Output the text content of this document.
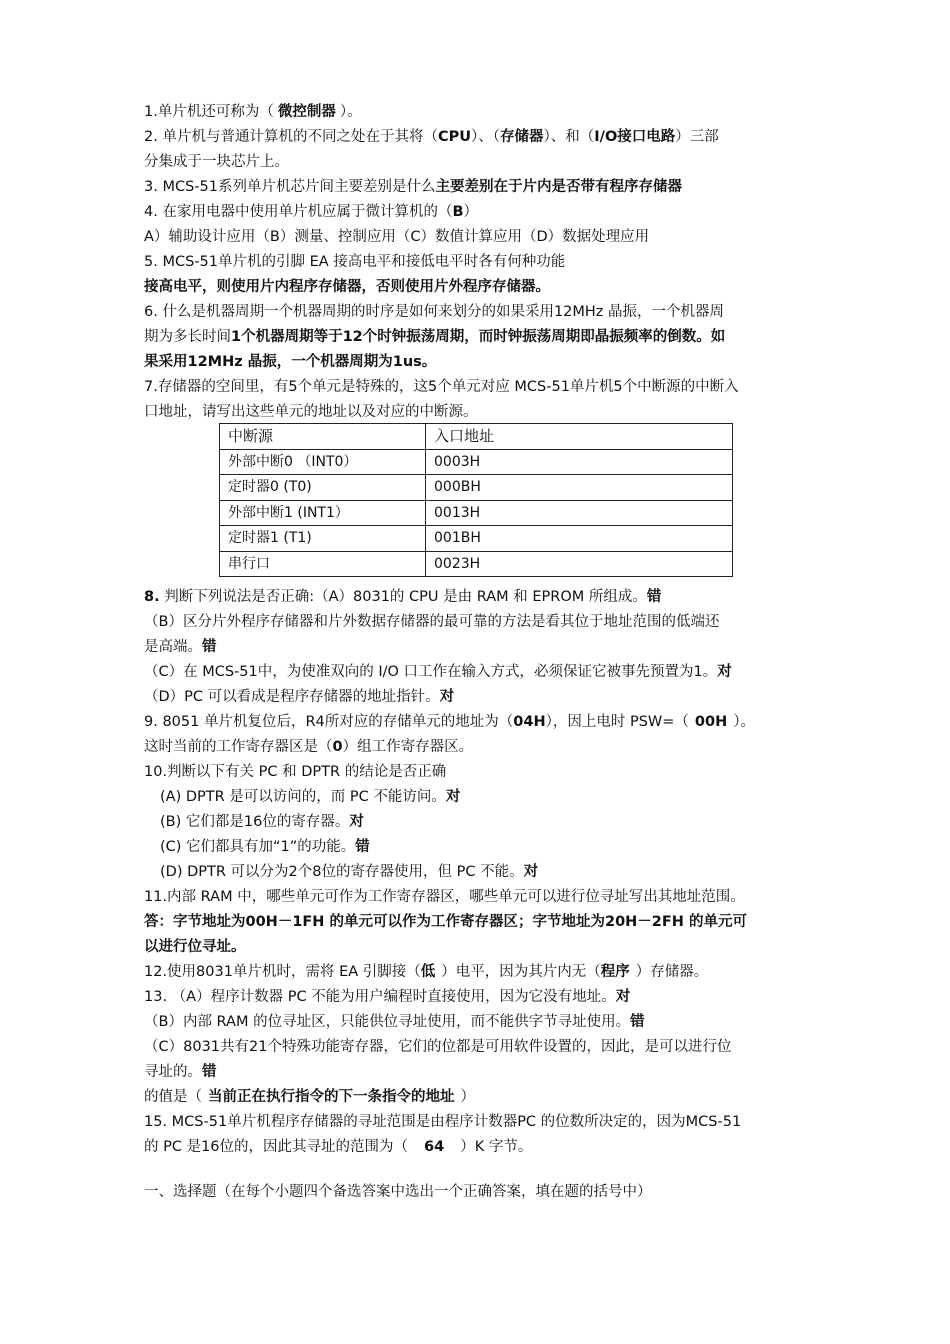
1.单片机还可称为（ 微控制器 ）。
2. 单片机与普通计算机的不同之处在于其将（CPU）、（存储器）、和（I/O接口电路）三部
分集成于一块芯片上。
3. MCS-51系列单片机芯片间主要差别是什么主要差别在于片内是否带有程序存储器
4. 在家用电器中使用单片机应属于微计算机的（B）
A）辅助设计应用（B）测量、控制应用（C）数值计算应用（D）数据处理应用
5. MCS-51单片机的引脚 EA 接高电平和接低电平时各有何种功能
接高电平，则使用片内程序存储器，否则使用片外程序存储器。
6. 什么是机器周期一个机器周期的时序是如何来划分的如果采用12MHz 晶振，一个机器周
期为多长时间1个机器周期等于12个时钟振荡周期，而时钟振荡周期即晶振频率的倒数。如
果采用12MHz 晶振，一个机器周期为1us。
7.存储器的空间里，有5个单元是特殊的，这5个单元对应 MCS-51单片机5个中断源的中断入
口地址，请写出这些单元的地址以及对应的中断源。
中断源	入口地址
外部中断0 （INT0）	0003H
定时器0 (T0)	000BH
外部中断1 (INT1）	0013H
定时器1 (T1)	001BH
串行口	0023H
8. 判断下列说法是否正确:（A）8031的 CPU 是由 RAM 和 EPROM 所组成。错
（B）区分片外程序存储器和片外数据存储器的最可靠的方法是看其位于地址范围的低端还
是高端。错
（C）在 MCS-51中，为使准双向的 I/O 口工作在输入方式，必须保证它被事先预置为1。对
（D）PC 可以看成是程序存储器的地址指针。对
9. 8051 单片机复位后，R4所对应的存储单元的地址为（04H），因上电时 PSW=（ 00H ）。
这时当前的工作寄存器区是（0）组工作寄存器区。
10.判断以下有关 PC 和 DPTR 的结论是否正确
(A) DPTR 是可以访问的，而 PC 不能访问。对
(B) 它们都是16位的寄存器。对
(C) 它们都具有加“1”的功能。错
(D) DPTR 可以分为2个8位的寄存器使用，但 PC 不能。对
11.内部 RAM 中，哪些单元可作为工作寄存器区，哪些单元可以进行位寻址写出其地址范围。
答：字节地址为00H－1FH 的单元可以作为工作寄存器区；字节地址为20H－2FH 的单元可
以进行位寻址。
12.使用8031单片机时，需将 EA 引脚接（低 ）电平，因为其片内无（程序 ）存储器。
13. （A）程序计数器 PC 不能为用户编程时直接使用，因为它没有地址。对
（B）内部 RAM 的位寻址区，只能供位寻址使用，而不能供字节寻址使用。错
（C）8031共有21个特殊功能寄存器，它们的位都是可用软件设置的，因此，是可以进行位
寻址的。错
的值是（ 当前正在执行指令的下一条指令的地址 ）
15. MCS-51单片机程序存储器的寻址范围是由程序计数器PC 的位数所决定的，因为MCS-51
的 PC 是16位的，因此其寻址的范围为（ 64 ）K 字节。
一、选择题（在每个小题四个备选答案中选出一个正确答案，填在题的括号中）
